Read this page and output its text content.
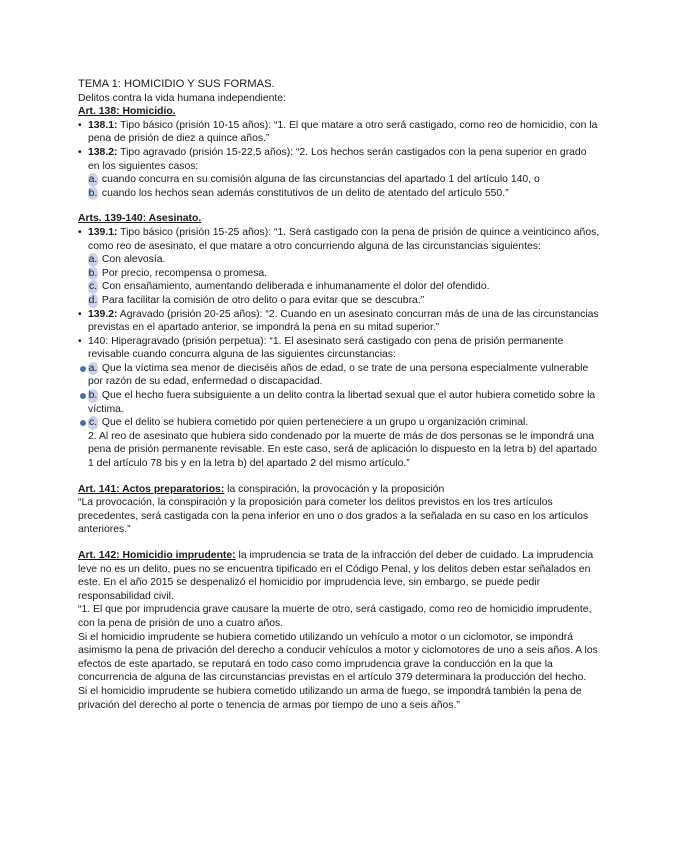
TEMA 1: HOMICIDIO Y SUS FORMAS.

Delitos contra la vida humana independiente:

Art. 138: Homicidio.

• 138.1: Tipo básico (prisión 10-15 años): “1. El que matare a otro será castigado, como reo de homicidio, con la pena de prisión de diez a quince años.”
• 138.2: Tipo agravado (prisión 15-22,5 años): “2. Los hechos serán castigados con la pena superior en grado en los siguientes casos:
a. cuando concurra en su comisión alguna de las circunstancias del apartado 1 del artículo 140, o
b. cuando los hechos sean además constitutivos de un delito de atentado del artículo 550.”

Arts. 139-140: Asesinato.

• 139.1: Tipo básico (prisión 15-25 años): “1. Será castigado con la pena de prisión de quince a veinticinco años, como reo de asesinato, el que matare a otro concurriendo alguna de las circunstancias siguientes:
a. Con alevosía.
b. Por precio, recompensa o promesa.
c. Con ensañamiento, aumentando deliberada e inhumanamente el dolor del ofendido.
d. Para facilitar la comisión de otro delito o para evitar que se descubra.”
• 139.2: Agravado (prisión 20-25 años): “2. Cuando en un asesinato concurran más de una de las circunstancias previstas en el apartado anterior, se impondrá la pena en su mitad superior.”
• 140: Hiperagravado (prisión perpetua): “1. El asesinato será castigado con pena de prisión permanente revisable cuando concurra alguna de las siguientes circunstancias:
a. Que la víctima sea menor de dieciséis años de edad, o se trate de una persona especialmente vulnerable por razón de su edad, enfermedad o discapacidad.
b. Que el hecho fuera subsiguiente a un delito contra la libertad sexual que el autor hubiera cometido sobre la víctima.
c. Que el delito se hubiera cometido por quien perteneciere a un grupo u organización criminal.
2. Al reo de asesinato que hubiera sido condenado por la muerte de más de dos personas se le impondrá una pena de prisión permanente revisable. En este caso, será de aplicación lo dispuesto en la letra b) del apartado 1 del artículo 78 bis y en la letra b) del apartado 2 del mismo artículo.”

Art. 141: Actos preparatorios: la conspiración, la provocación y la proposición

“La provocación, la conspiración y la proposición para cometer los delitos previstos en los tres artículos precedentes, será castigada con la pena inferior en uno o dos grados a la señalada en su caso en los artículos anteriores.”

Art. 142: Homicidio imprudente: la imprudencia se trata de la infracción del deber de cuidado. La imprudencia leve no es un delito, pues no se encuentra tipificado en el Código Penal, y los delitos deben estar señalados en este. En el año 2015 se despenalizó el homicidio por imprudencia leve, sin embargo, se puede pedir responsabilidad civil.

“1. El que por imprudencia grave causare la muerte de otro, será castigado, como reo de homicidio imprudente, con la pena de prisión de uno a cuatro años.

Si el homicidio imprudente se hubiera cometido utilizando un vehículo a motor o un ciclomotor, se impondrá asimismo la pena de privación del derecho a conducir vehículos a motor y ciclomotores de uno a seis años. A los efectos de este apartado, se reputará en todo caso como imprudencia grave la conducción en la que la concurrencia de alguna de las circunstancias previstas en el artículo 379 determinara la producción del hecho.

Si el homicidio imprudente se hubiera cometido utilizando un arma de fuego, se impondrá también la pena de privación del derecho al porte o tenencia de armas por tiempo de uno a seis años.”
